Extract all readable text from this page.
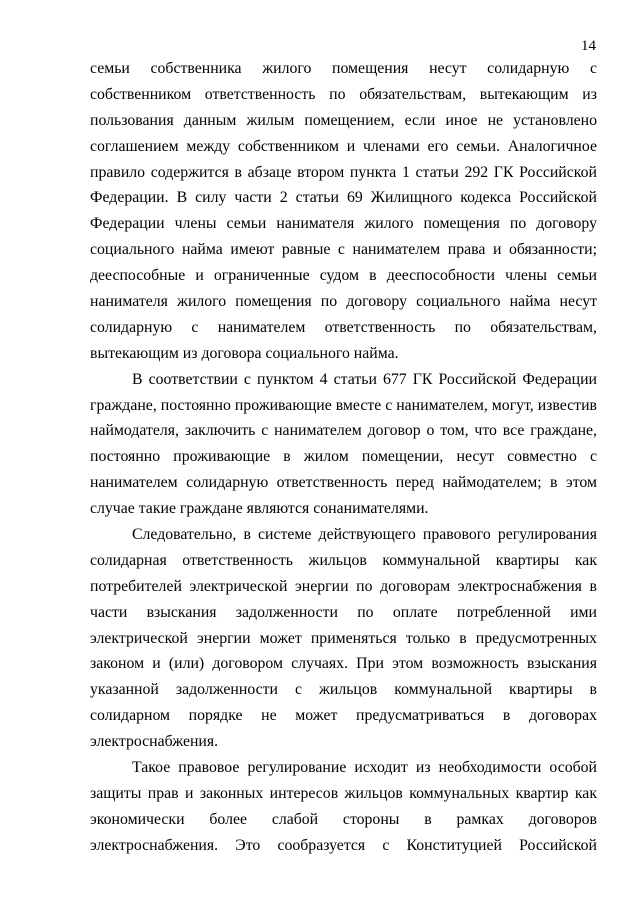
14
семьи собственника жилого помещения несут солидарную с
собственником ответственность по обязательствам, вытекающим из
пользования данным жилым помещением, если иное не установлено
соглашением между собственником и членами его семьи. Аналогичное
правило содержится в абзаце втором пункта 1 статьи 292 ГК Российской
Федерации. В силу части 2 статьи 69 Жилищного кодекса Российской
Федерации члены семьи нанимателя жилого помещения по договору
социального найма имеют равные с нанимателем права и обязанности;
дееспособные и ограниченные судом в дееспособности члены семьи
нанимателя жилого помещения по договору социального найма несут
солидарную с нанимателем ответственность по обязательствам,
вытекающим из договора социального найма.
В соответствии с пунктом 4 статьи 677 ГК Российской Федерации
граждане, постоянно проживающие вместе с нанимателем, могут, известив
наймодателя, заключить с нанимателем договор о том, что все граждане,
постоянно проживающие в жилом помещении, несут совместно с
нанимателем солидарную ответственность перед наймодателем; в этом
случае такие граждане являются сонанимателями.
Следовательно, в системе действующего правового регулирования
солидарная ответственность жильцов коммунальной квартиры как
потребителей электрической энергии по договорам электроснабжения в
части взыскания задолженности по оплате потребленной ими
электрической энергии может применяться только в предусмотренных
законом и (или) договором случаях. При этом возможность взыскания
указанной задолженности с жильцов коммунальной квартиры в
солидарном порядке не может предусматриваться в договорах
электроснабжения.
Такое правовое регулирование исходит из необходимости особой
защиты прав и законных интересов жильцов коммунальных квартир как
экономически более слабой стороны в рамках договоров
электроснабжения. Это сообразуется с Конституцией Российской
